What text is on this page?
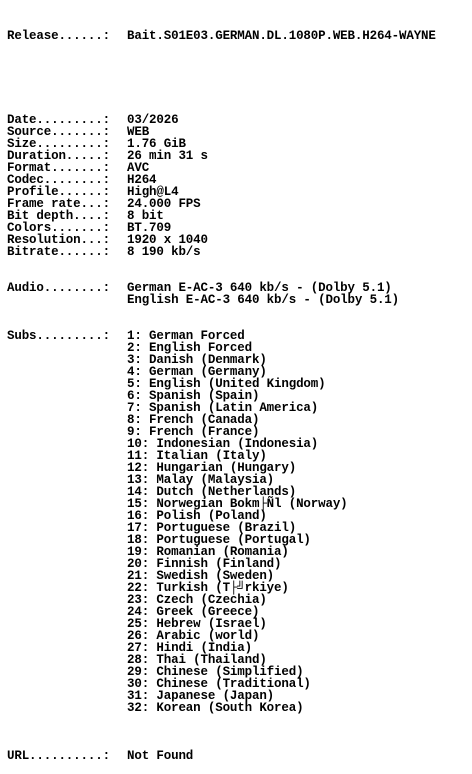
Release......:	Bait.S01E03.GERMAN.DL.1080P.WEB.H264-WAYNE

Date.........:	03/2026
Source.......:	WEB
Size.........:	1.76 GiB
Duration.....:	26 min 31 s
Format.......:	AVC
Codec........:	H264
Profile......:	High@L4
Frame rate...:	24.000 FPS
Bit depth....:	8 bit
Colors.......:	BT.709
Resolution...:	1920 x 1040
Bitrate......:	8 190 kb/s

Audio........:	German E-AC-3 640 kb/s - (Dolby 5.1)
English E-AC-3 640 kb/s - (Dolby 5.1)

Subs.........:	1: German Forced
2: English Forced
3: Danish (Denmark)
4: German (Germany)
5: English (United Kingdom)
6: Spanish (Spain)
7: Spanish (Latin America)
8: French (Canada)
9: French (France)
10: Indonesian (Indonesia)
11: Italian (Italy)
12: Hungarian (Hungary)
13: Malay (Malaysia)
14: Dutch (Netherlands)
15: Norwegian Bokm├Ñl (Norway)
16: Polish (Poland)
17: Portuguese (Brazil)
18: Portuguese (Portugal)
19: Romanian (Romania)
20: Finnish (Finland)
21: Swedish (Sweden)
22: Turkish (T├╝rkiye)
23: Czech (Czechia)
24: Greek (Greece)
25: Hebrew (Israel)
26: Arabic (world)
27: Hindi (India)
28: Thai (Thailand)
29: Chinese (Simplified)
30: Chinese (Traditional)
31: Japanese (Japan)
32: Korean (South Korea)

URL..........:	Not Found
